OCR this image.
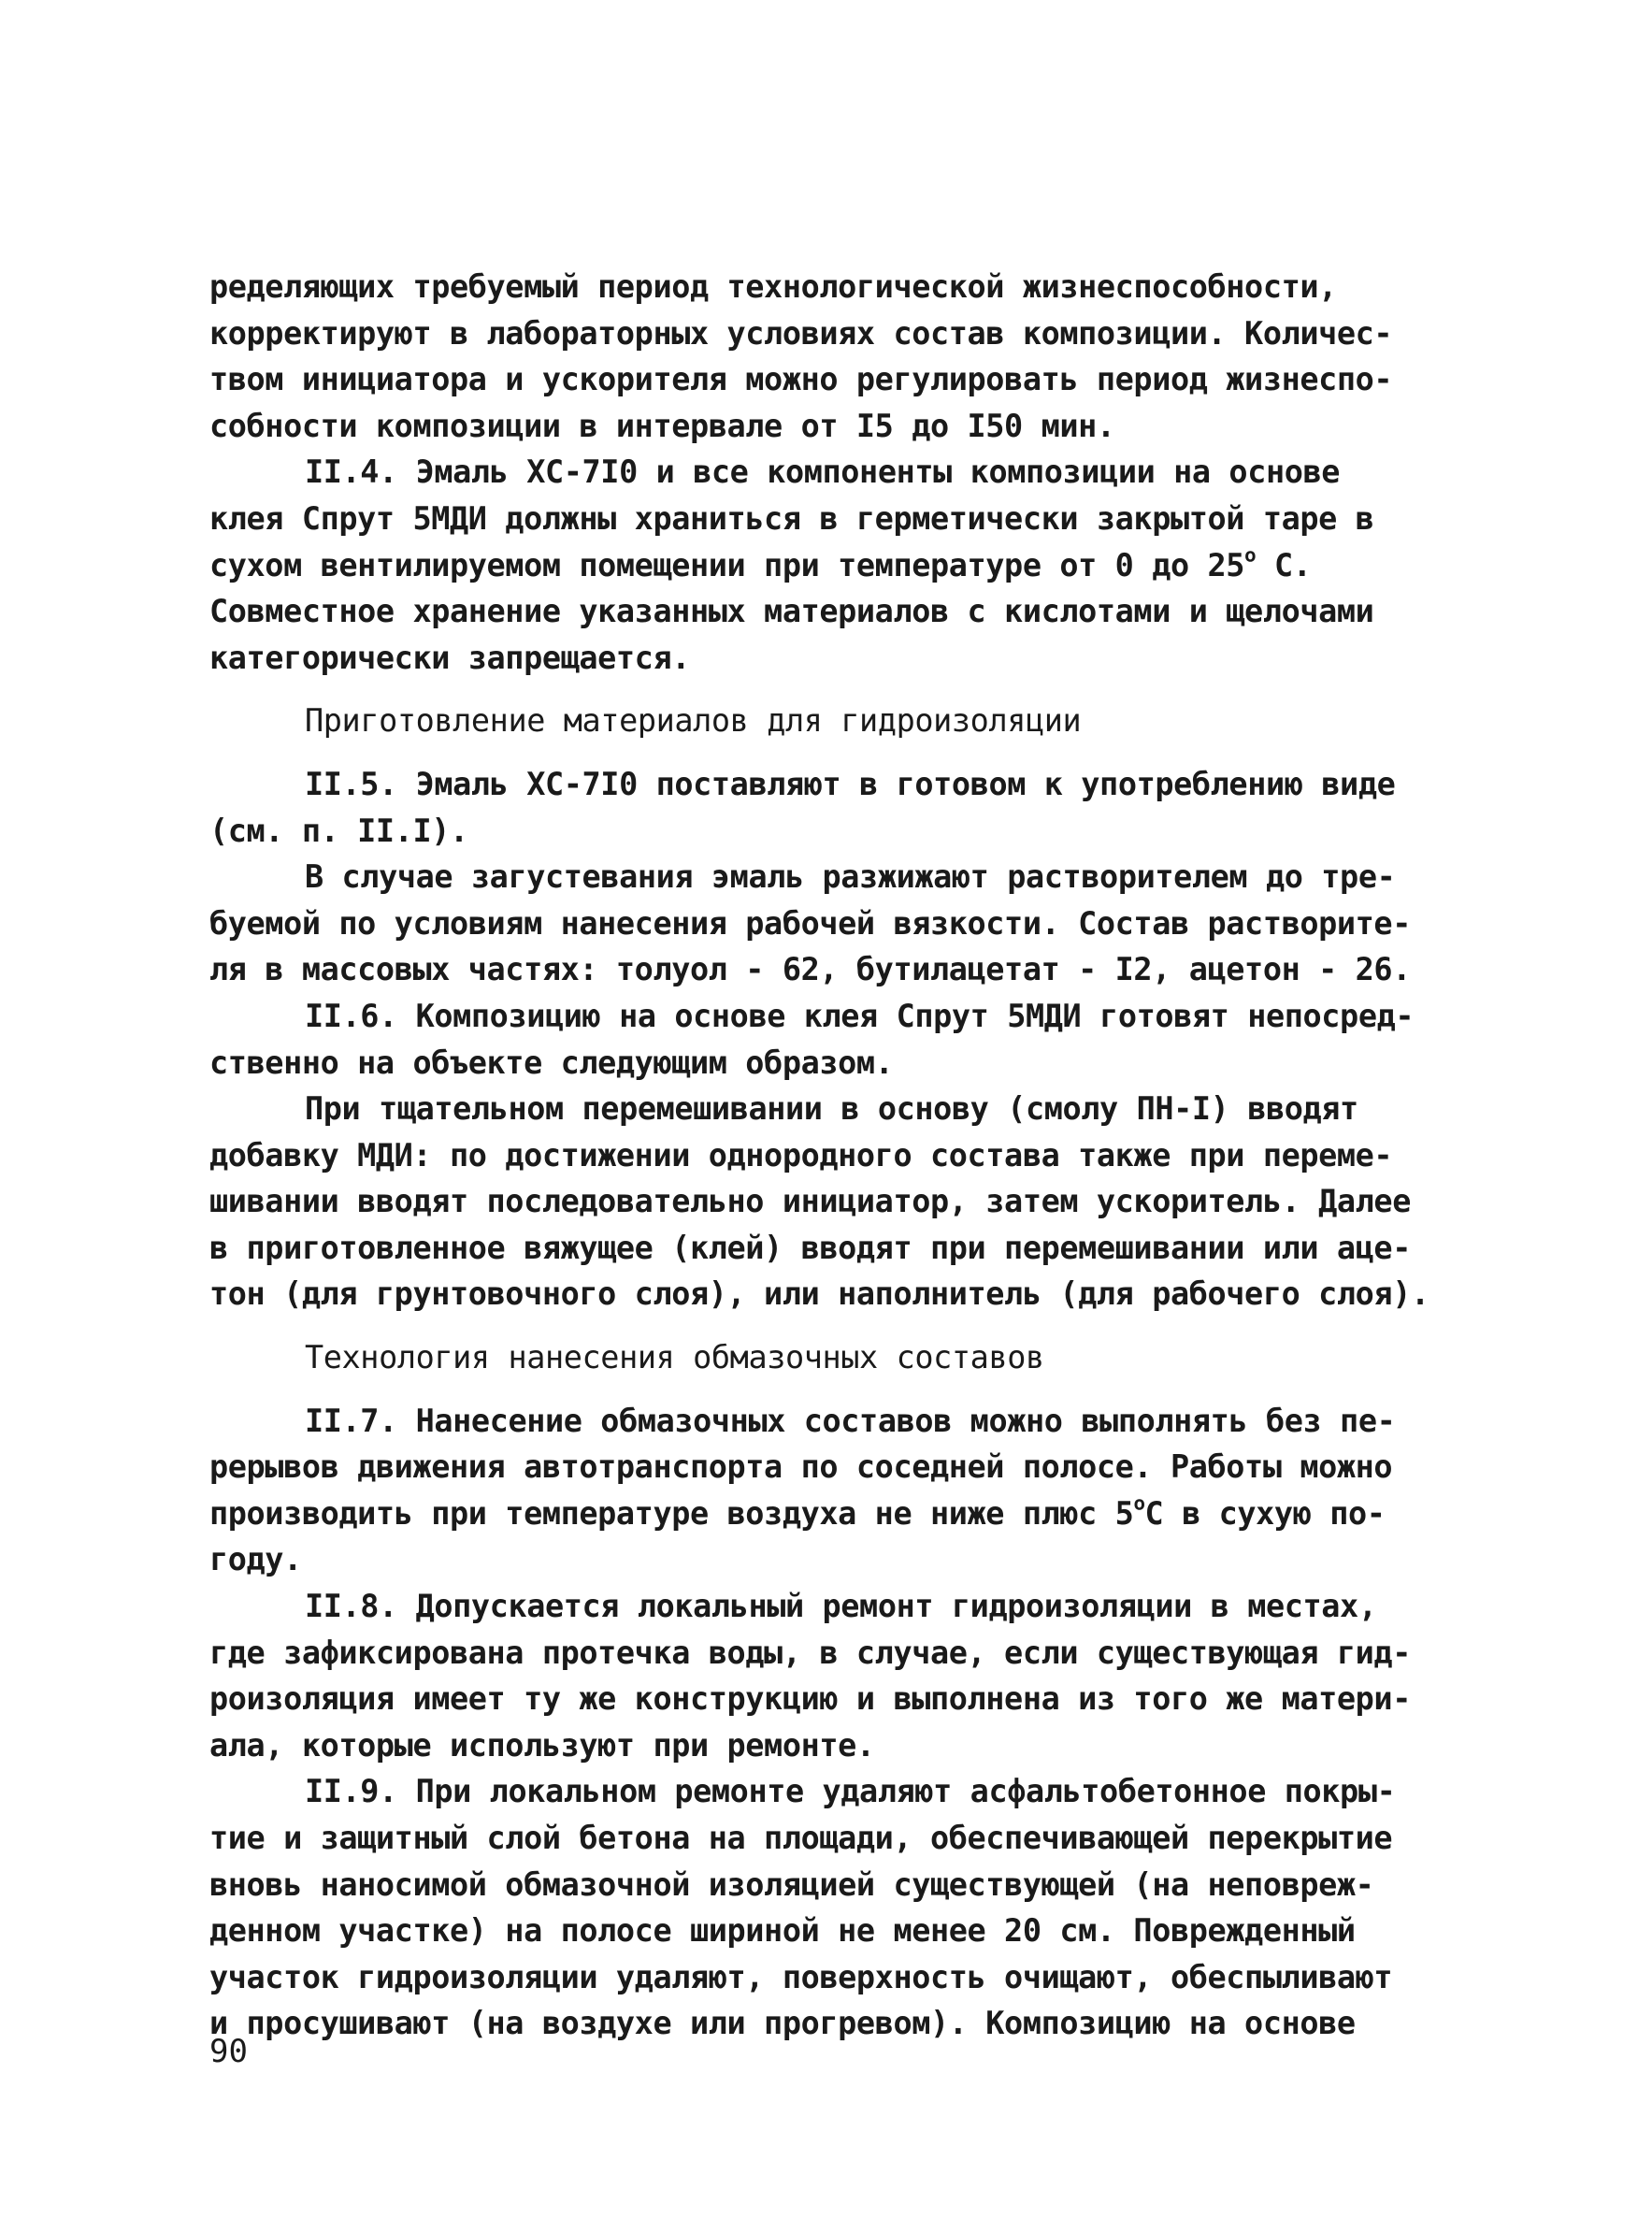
ределяющих требуемый период технологической жизнеспособности,
корректируют в лабораторных условиях состав композиции. Количес-
твом инициатора и ускорителя можно регулировать период жизнеспо-
собности композиции в интервале от I5 до I50 мин.
II.4. Эмаль ХС-7I0 и все компоненты композиции на основе
клея Спрут 5МДИ должны храниться в герметически закрытой таре в
сухом вентилируемом помещении при температуре от 0 до $25^о$ С.
Совместное хранение указанных материалов с кислотами и щелочами
категорически запрещается.
Приготовление материалов для гидроизоляции
II.5. Эмаль ХС-7I0 поставляют в готовом к употреблению виде
(см. п. II.I).
В случае загустевания эмаль разжижают растворителем до тре-
буемой по условиям нанесения рабочей вязкости. Состав растворите-
ля в массовых частях: толуол - 62, бутилацетат - I2, ацетон - 26.
II.6. Композицию на основе клея Спрут 5МДИ готовят непосред-
ственно на объекте следующим образом.
При тщательном перемешивании в основу (смолу ПН-I) вводят
добавку МДИ: по достижении однородного состава также при переме-
шивании вводят последовательно инициатор, затем ускоритель. Далее
в приготовленное вяжущее (клей) вводят при перемешивании или аце-
тон (для грунтовочного слоя), или наполнитель (для рабочего слоя).
Технология нанесения обмазочных составов
II.7. Нанесение обмазочных составов можно выполнять без пе-
рерывов движения автотранспорта по соседней полосе. Работы можно
производить при температуре воздуха не ниже плюс $5^оС$ в сухую по-
году.
II.8. Допускается локальный ремонт гидроизоляции в местах,
где зафиксирована протечка воды, в случае, если существующая гид-
роизоляция имеет ту же конструкцию и выполнена из того же матери-
ала, которые используют при ремонте.
II.9. При локальном ремонте удаляют асфальтобетонное покры-
тие и защитный слой бетона на площади, обеспечивающей перекрытие
вновь наносимой обмазочной изоляцией существующей (на неповреж-
денном участке) на полосе шириной не менее 20 см. Поврежденный
участок гидроизоляции удаляют, поверхность очищают, обеспыливают
и просушивают (на воздухе или прогревом). Композицию на основе
90
